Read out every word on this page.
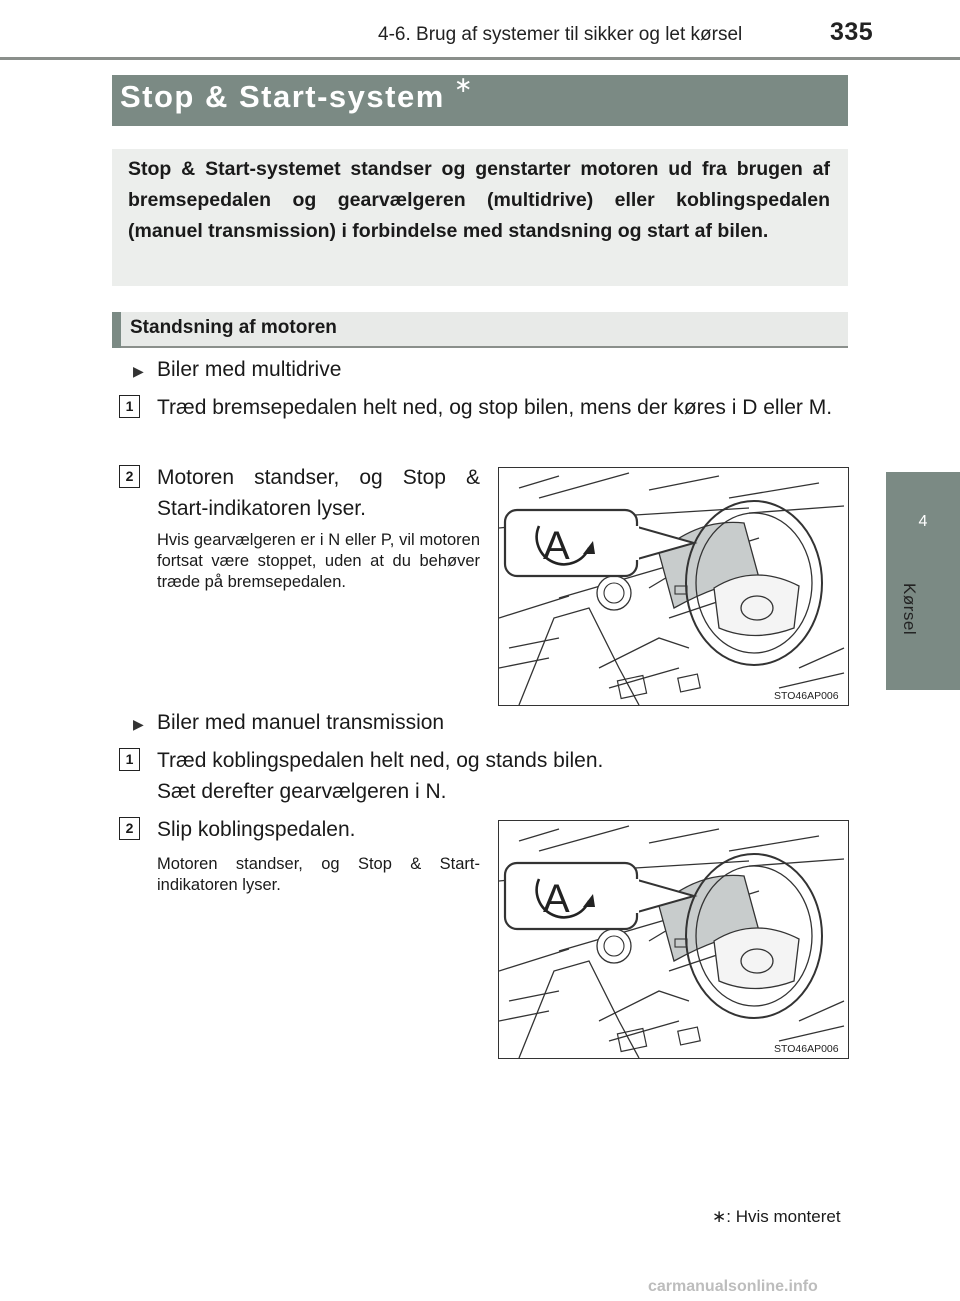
4-6. Brug af systemer til sikker og let kørsel	335
4
Kørsel
Stop & Start-system ∗
Stop & Start-systemet standser og genstarter motoren ud fra brugen af bremsepedalen og gearvælgeren (multidrive) eller koblingspedalen (manuel transmission) i forbindelse med standsning og start af bilen.
Standsning af motoren
▶ Biler med multidrive
1	Træd bremsepedalen helt ned, og stop bilen, mens der køres i D eller M.
2	Motoren standser, og Stop & Start-indikatoren lyser.
Hvis gearvælgeren er i N eller P, vil motoren fortsat være stoppet, uden at du behøver træde på bremsepedalen.
A
STO46AP006
▶ Biler med manuel transmission
1	Træd koblingspedalen helt ned, og stands bilen.
Sæt derefter gearvælgeren i N.
2	Slip koblingspedalen.
Motoren standser, og Stop & Start-indikatoren lyser.	A
STO46AP006
∗: Hvis monteret
carmanualsonline.info
